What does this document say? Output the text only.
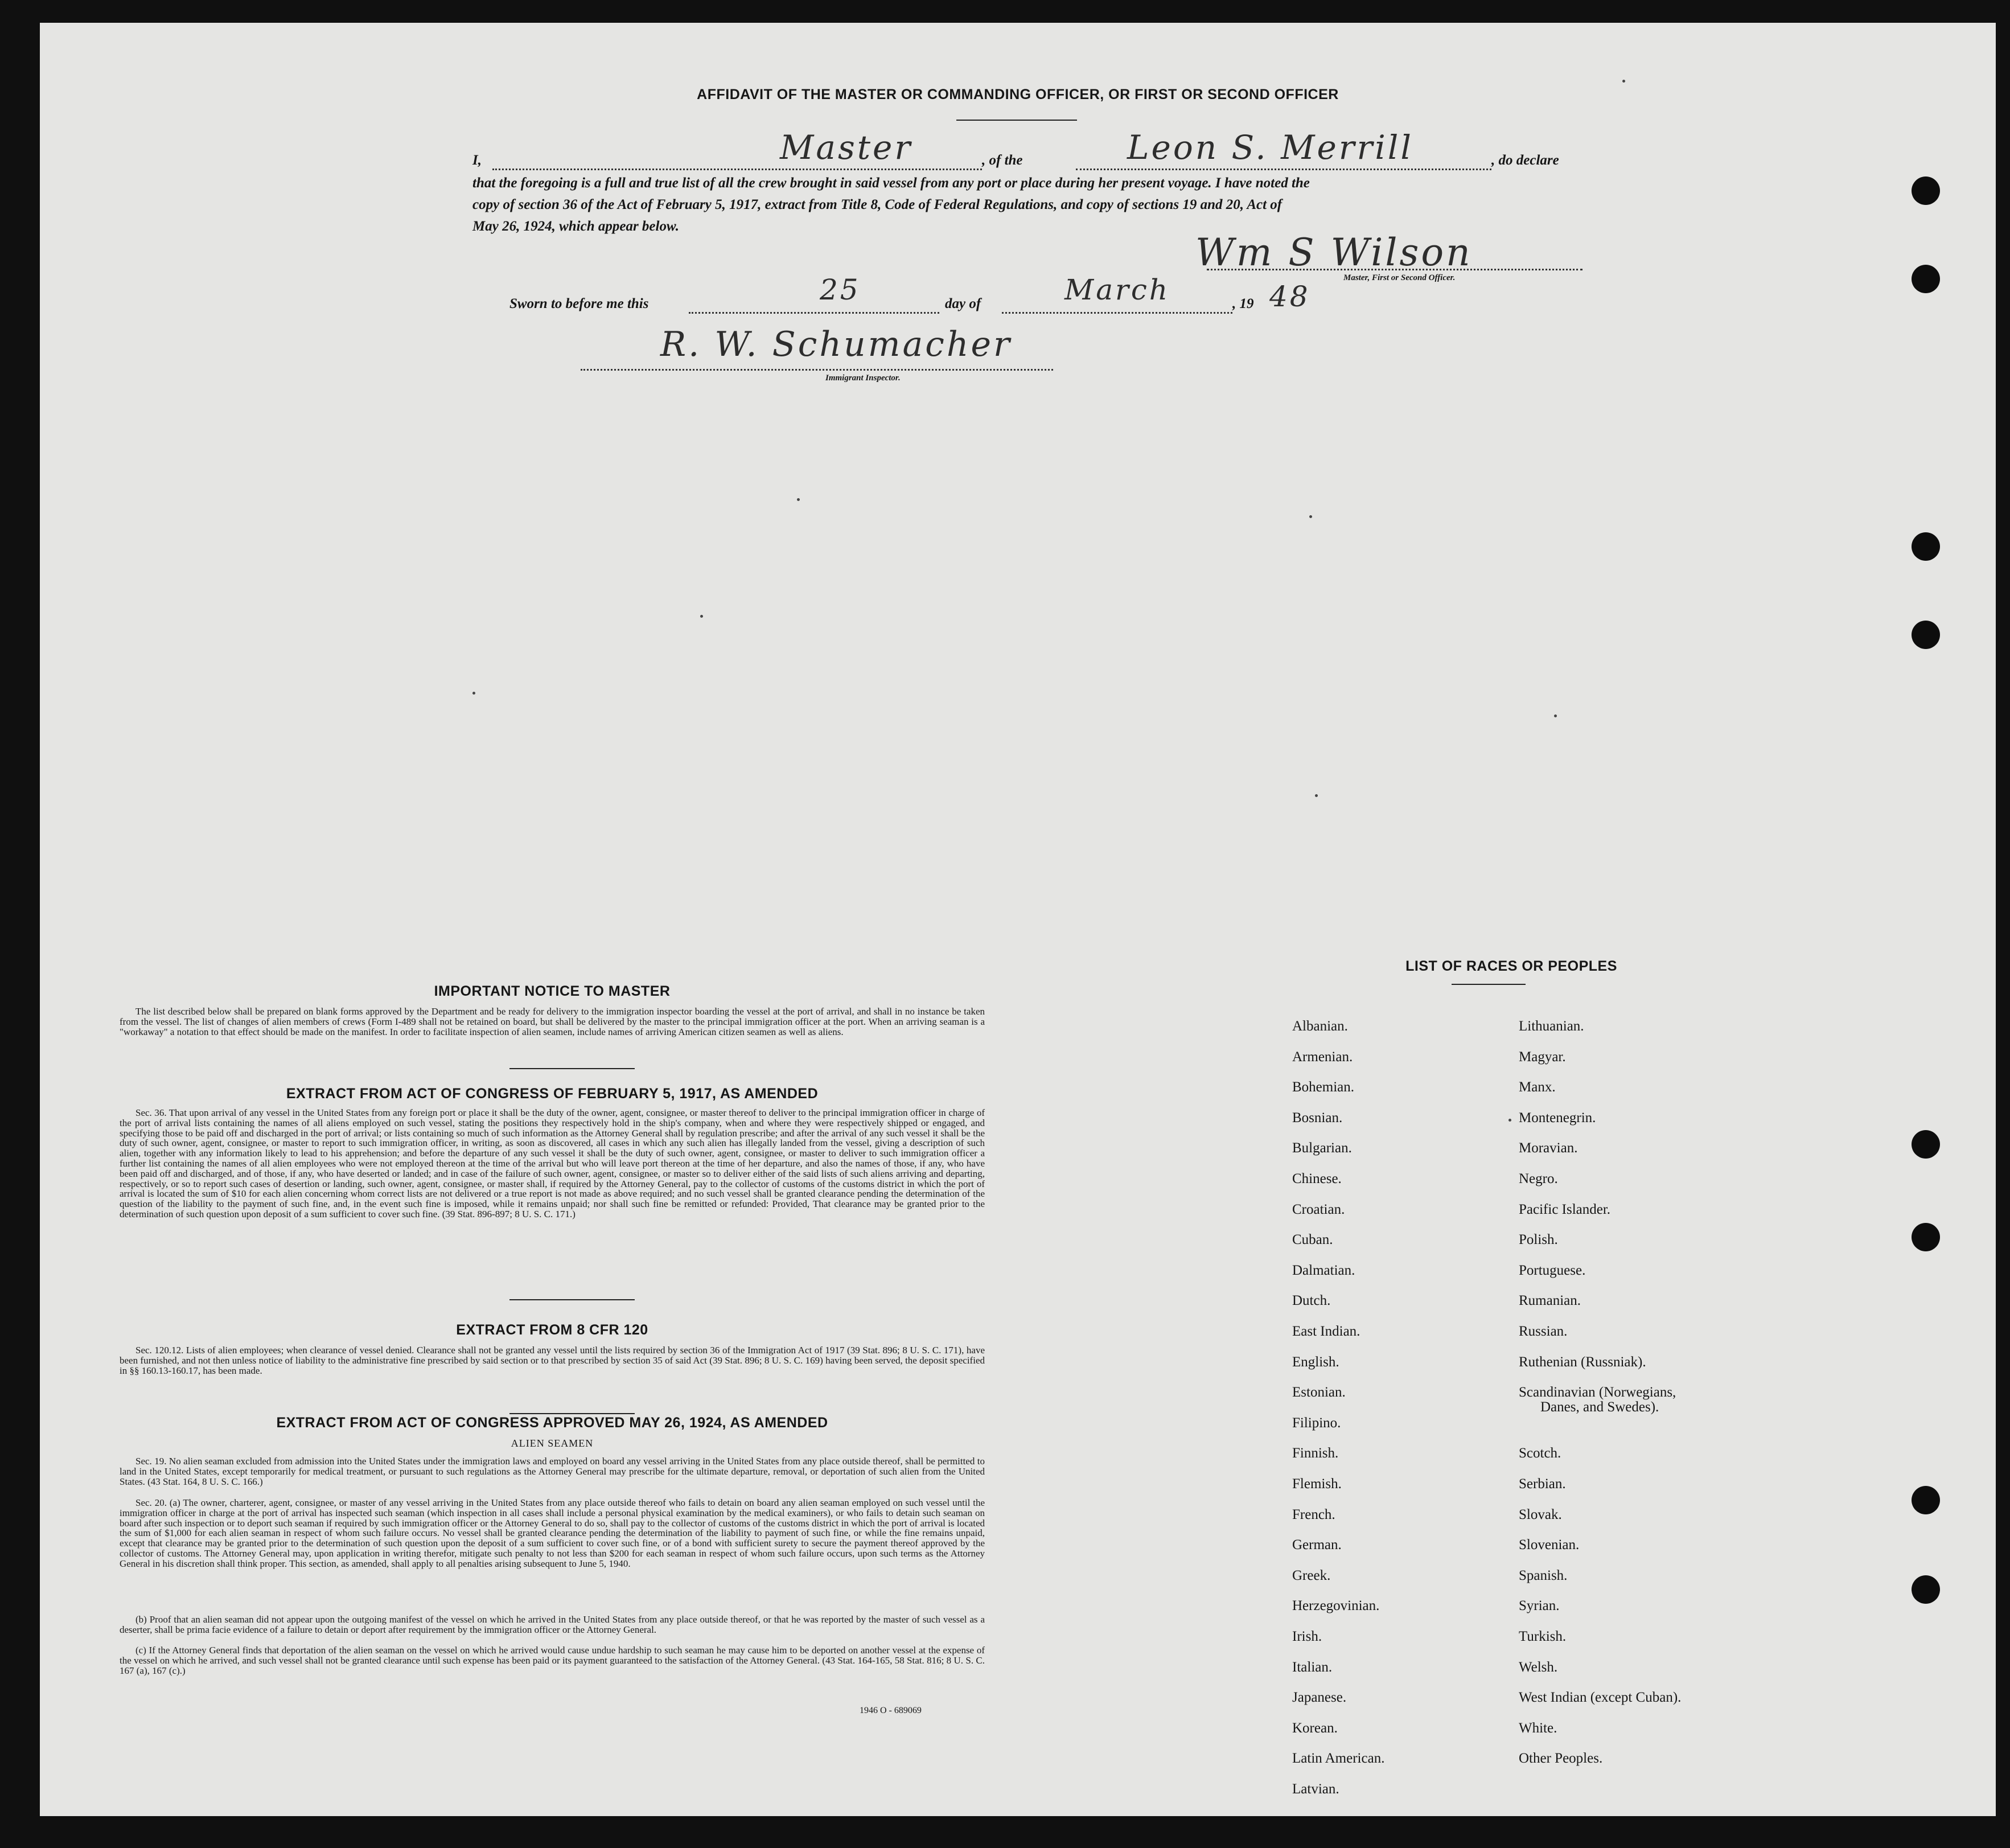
AFFIDAVIT OF THE MASTER OR COMMANDING OFFICER, OR FIRST OR SECOND OFFICER
I,	Master	, of the	Leon S. Merrill	, do declare
that the foregoing is a full and true list of all the crew brought in said vessel from any port or place during her present voyage. I have noted the
copy of section 36 of the Act of February 5, 1917, extract from Title 8, Code of Federal Regulations, and copy of sections 19 and 20, Act of
May 26, 1924, which appear below.
Wm S Wilson
Master, First or Second Officer.
Sworn to before me this	25	day of	March	, 19 48
R. W. Schumacher
Immigrant Inspector.
IMPORTANT NOTICE TO MASTER

The list described below shall be prepared on blank forms approved by the Department and be ready for delivery to the immigration inspector boarding the vessel at the port of arrival, and shall in no instance be taken from the vessel. The list of changes of alien members of crews (Form I-489 shall not be retained on board, but shall be delivered by the master to the principal immigration officer at the port. When an arriving seaman is a "workaway" a notation to that effect should be made on the manifest. In order to facilitate inspection of alien seamen, include names of arriving American citizen seamen as well as aliens.

EXTRACT FROM ACT OF CONGRESS OF FEBRUARY 5, 1917, AS AMENDED

Sec. 36. That upon arrival of any vessel in the United States from any foreign port or place it shall be the duty of the owner, agent, consignee, or master thereof to deliver to the principal immigration officer in charge of the port of arrival lists containing the names of all aliens employed on such vessel, stating the positions they respectively hold in the ship's company, when and where they were respectively shipped or engaged, and specifying those to be paid off and discharged in the port of arrival; or lists containing so much of such information as the Attorney General shall by regulation prescribe; and after the arrival of any such vessel it shall be the duty of such owner, agent, consignee, or master to report to such immigration officer, in writing, as soon as discovered, all cases in which any such alien has illegally landed from the vessel, giving a description of such alien, together with any information likely to lead to his apprehension; and before the departure of any such vessel it shall be the duty of such owner, agent, consignee, or master to deliver to such immigration officer a further list containing the names of all alien employees who were not employed thereon at the time of the arrival but who will leave port thereon at the time of her departure, and also the names of those, if any, who have been paid off and discharged, and of those, if any, who have deserted or landed; and in case of the failure of such owner, agent, consignee, or master so to deliver either of the said lists of such aliens arriving and departing, respectively, or so to report such cases of desertion or landing, such owner, agent, consignee, or master shall, if required by the Attorney General, pay to the collector of customs of the customs district in which the port of arrival is located the sum of $10 for each alien concerning whom correct lists are not delivered or a true report is not made as above required; and no such vessel shall be granted clearance pending the determination of the question of the liability to the payment of such fine, and, in the event such fine is imposed, while it remains unpaid; nor shall such fine be remitted or refunded: Provided, That clearance may be granted prior to the determination of such question upon deposit of a sum sufficient to cover such fine. (39 Stat. 896-897; 8 U. S. C. 171.)

EXTRACT FROM 8 CFR 120

Sec. 120.12. Lists of alien employees; when clearance of vessel denied. Clearance shall not be granted any vessel until the lists required by section 36 of the Immigration Act of 1917 (39 Stat. 896; 8 U. S. C. 171), have been furnished, and not then unless notice of liability to the administrative fine prescribed by said section or to that prescribed by section 35 of said Act (39 Stat. 896; 8 U. S. C. 169) having been served, the deposit specified in §§ 160.13-160.17, has been made.

EXTRACT FROM ACT OF CONGRESS APPROVED MAY 26, 1924, AS AMENDED
ALIEN SEAMEN

Sec. 19. No alien seaman excluded from admission into the United States under the immigration laws and employed on board any vessel arriving in the United States from any place outside thereof, shall be permitted to land in the United States, except temporarily for medical treatment, or pursuant to such regulations as the Attorney General may prescribe for the ultimate departure, removal, or deportation of such alien from the United States. (43 Stat. 164, 8 U. S. C. 166.)

Sec. 20. (a) The owner, charterer, agent, consignee, or master of any vessel arriving in the United States from any place outside thereof who fails to detain on board any alien seaman employed on such vessel until the immigration officer in charge at the port of arrival has inspected such seaman (which inspection in all cases shall include a personal physical examination by the medical examiners), or who fails to detain such seaman on board after such inspection or to deport such seaman if required by such immigration officer or the Attorney General to do so, shall pay to the collector of customs of the customs district in which the port of arrival is located the sum of $1,000 for each alien seaman in respect of whom such failure occurs. No vessel shall be granted clearance pending the determination of the liability to payment of such fine, or while the fine remains unpaid, except that clearance may be granted prior to the determination of such question upon the deposit of a sum sufficient to cover such fine, or of a bond with sufficient surety to secure the payment thereof approved by the collector of customs. The Attorney General may, upon application in writing therefor, mitigate such penalty to not less than $200 for each seaman in respect of whom such failure occurs, upon such terms as the Attorney General in his discretion shall think proper. This section, as amended, shall apply to all penalties arising subsequent to June 5, 1940.

(b) Proof that an alien seaman did not appear upon the outgoing manifest of the vessel on which he arrived in the United States from any place outside thereof, or that he was reported by the master of such vessel as a deserter, shall be prima facie evidence of a failure to detain or deport after requirement by the immigration officer or the Attorney General.

(c) If the Attorney General finds that deportation of the alien seaman on the vessel on which he arrived would cause undue hardship to such seaman he may cause him to be deported on another vessel at the expense of the vessel on which he arrived, and such vessel shall not be granted clearance until such expense has been paid or its payment guaranteed to the satisfaction of the Attorney General. (43 Stat. 164-165, 58 Stat. 816; 8 U. S. C. 167 (a), 167 (c).)

1946 O - 689069
LIST OF RACES OR PEOPLES
Albanian.
Armenian.
Bohemian.
Bosnian.
Bulgarian.
Chinese.
Croatian.
Cuban.
Dalmatian.
Dutch.
East Indian.
English.
Estonian.
Filipino.
Finnish.
Flemish.
French.
German.
Greek.
Herzegovinian.
Irish.
Italian.
Japanese.
Korean.
Latin American.
Latvian.
Lithuanian.
Magyar.
Manx.
Montenegrin.
Moravian.
Negro.
Pacific Islander.
Polish.
Portuguese.
Rumanian.
Russian.
Ruthenian (Russniak).
Scandinavian (Norwegians,
Danes, and Swedes).
Scotch.
Serbian.
Slovak.
Slovenian.
Spanish.
Syrian.
Turkish.
Welsh.
West Indian (except Cuban).
White.
Other Peoples.
